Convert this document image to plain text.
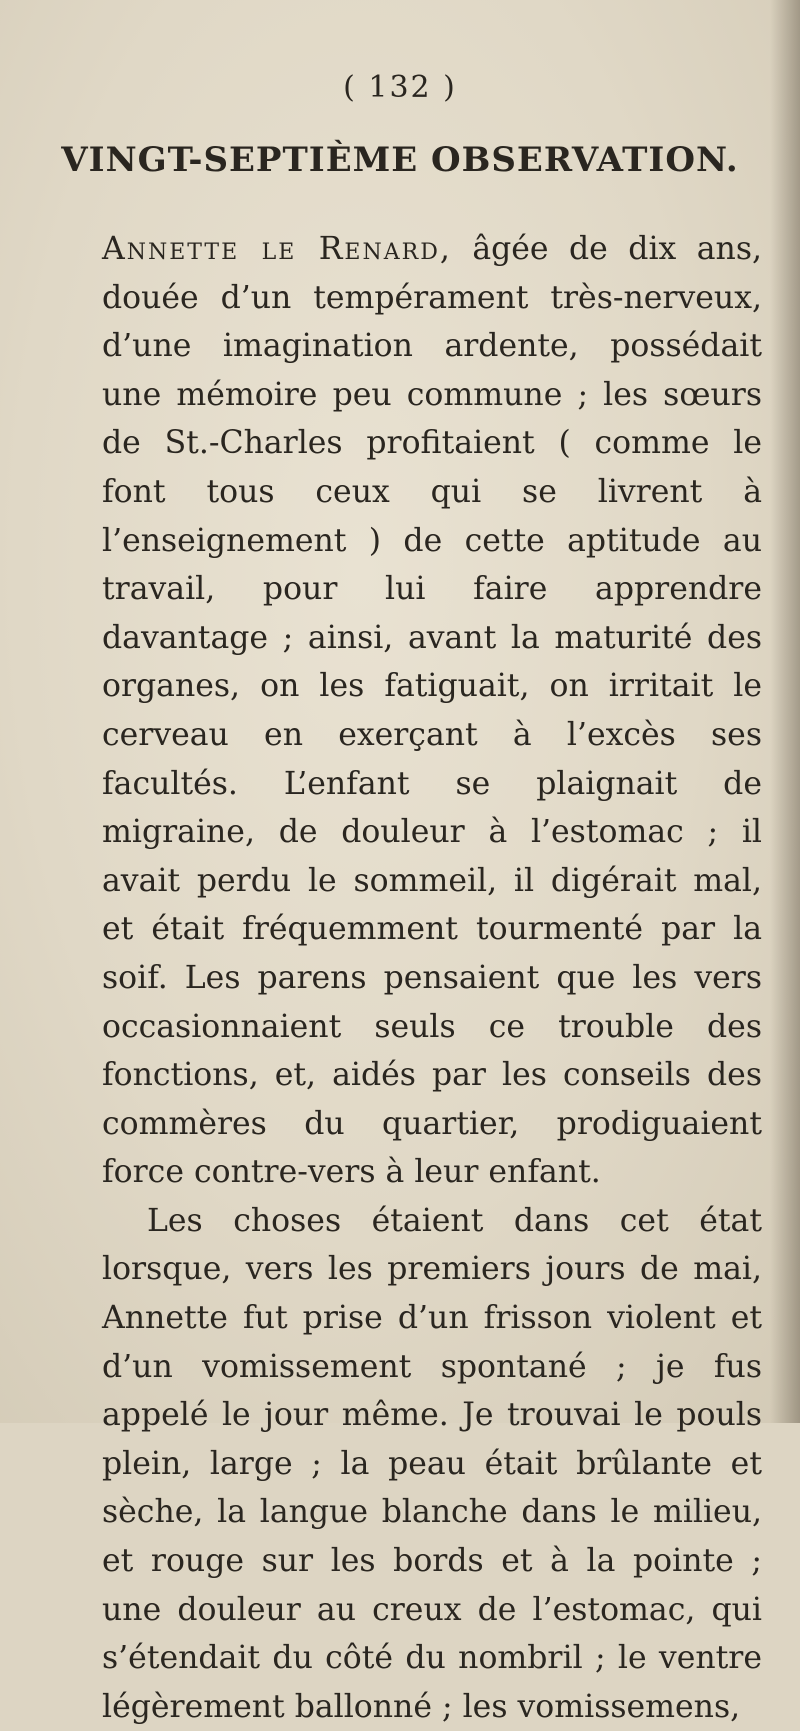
( 132 )
VINGT-SEPTIÈME OBSERVATION.

Annette le Renard, âgée de dix ans, douée d’un tempérament très-nerveux, d’une imagination ardente, possédait une mémoire peu commune ; les sœurs de St.-Charles profitaient ( comme le font tous ceux qui se livrent à l’enseignement ) de cette aptitude au travail, pour lui faire apprendre davantage ; ainsi, avant la maturité des organes, on les fatiguait, on irritait le cerveau en exerçant à l’excès ses facultés. L’enfant se plaignait de migraine, de douleur à l’estomac ; il avait perdu le sommeil, il digérait mal, et était fréquemment tourmenté par la soif. Les parens pensaient que les vers occasionnaient seuls ce trouble des fonctions, et, aidés par les conseils des commères du quartier, prodiguaient force contre-vers à leur enfant.

Les choses étaient dans cet état lorsque, vers les premiers jours de mai, Annette fut prise d’un frisson violent et d’un vomissement spontané ; je fus appelé le jour même. Je trouvai le pouls plein, large ; la peau était brûlante et sèche, la langue blanche dans le milieu, et rouge sur les bords et à la pointe ; une douleur au creux de l’estomac, qui s’étendait du côté du nombril ; le ventre légèrement ballonné ; les vomissemens,
